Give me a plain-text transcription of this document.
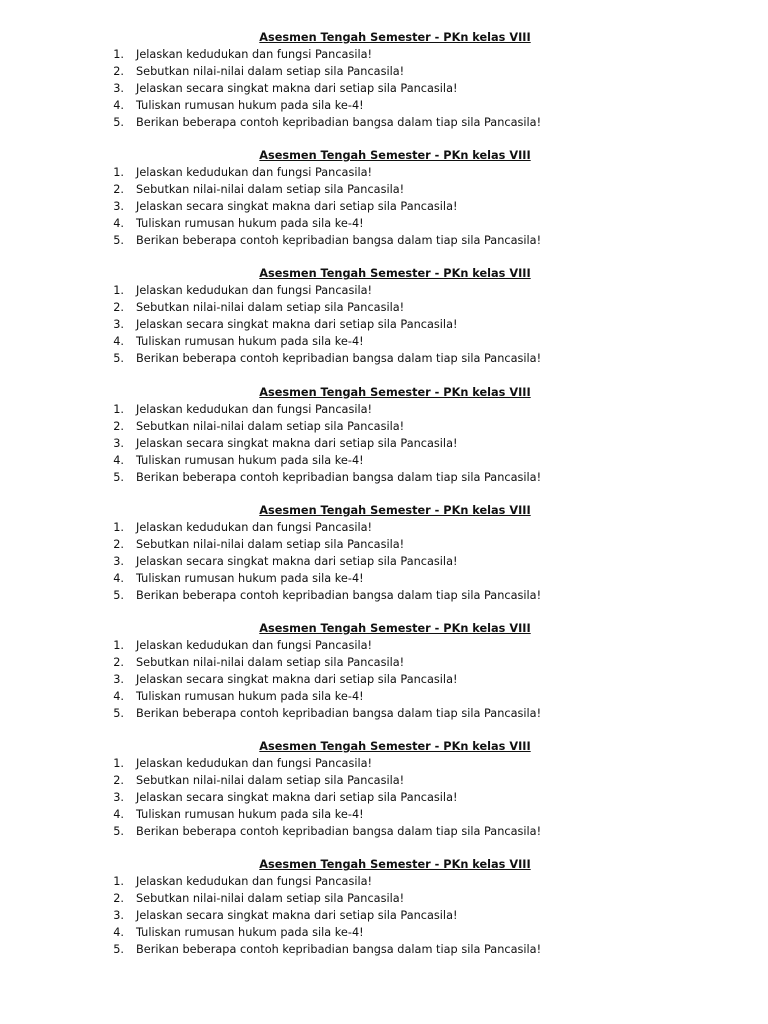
Asesmen Tengah Semester - PKn kelas VIII
1. Jelaskan kedudukan dan fungsi Pancasila!
2. Sebutkan nilai-nilai dalam setiap sila Pancasila!
3. Jelaskan secara singkat makna dari setiap sila Pancasila!
4. Tuliskan rumusan hukum pada sila ke-4!
5. Berikan beberapa contoh kepribadian bangsa dalam tiap sila Pancasila!
Asesmen Tengah Semester - PKn kelas VIII
1. Jelaskan kedudukan dan fungsi Pancasila!
2. Sebutkan nilai-nilai dalam setiap sila Pancasila!
3. Jelaskan secara singkat makna dari setiap sila Pancasila!
4. Tuliskan rumusan hukum pada sila ke-4!
5. Berikan beberapa contoh kepribadian bangsa dalam tiap sila Pancasila!
Asesmen Tengah Semester - PKn kelas VIII
1. Jelaskan kedudukan dan fungsi Pancasila!
2. Sebutkan nilai-nilai dalam setiap sila Pancasila!
3. Jelaskan secara singkat makna dari setiap sila Pancasila!
4. Tuliskan rumusan hukum pada sila ke-4!
5. Berikan beberapa contoh kepribadian bangsa dalam tiap sila Pancasila!
Asesmen Tengah Semester - PKn kelas VIII
1. Jelaskan kedudukan dan fungsi Pancasila!
2. Sebutkan nilai-nilai dalam setiap sila Pancasila!
3. Jelaskan secara singkat makna dari setiap sila Pancasila!
4. Tuliskan rumusan hukum pada sila ke-4!
5. Berikan beberapa contoh kepribadian bangsa dalam tiap sila Pancasila!
Asesmen Tengah Semester - PKn kelas VIII
1. Jelaskan kedudukan dan fungsi Pancasila!
2. Sebutkan nilai-nilai dalam setiap sila Pancasila!
3. Jelaskan secara singkat makna dari setiap sila Pancasila!
4. Tuliskan rumusan hukum pada sila ke-4!
5. Berikan beberapa contoh kepribadian bangsa dalam tiap sila Pancasila!
Asesmen Tengah Semester - PKn kelas VIII
1. Jelaskan kedudukan dan fungsi Pancasila!
2. Sebutkan nilai-nilai dalam setiap sila Pancasila!
3. Jelaskan secara singkat makna dari setiap sila Pancasila!
4. Tuliskan rumusan hukum pada sila ke-4!
5. Berikan beberapa contoh kepribadian bangsa dalam tiap sila Pancasila!
Asesmen Tengah Semester - PKn kelas VIII
1. Jelaskan kedudukan dan fungsi Pancasila!
2. Sebutkan nilai-nilai dalam setiap sila Pancasila!
3. Jelaskan secara singkat makna dari setiap sila Pancasila!
4. Tuliskan rumusan hukum pada sila ke-4!
5. Berikan beberapa contoh kepribadian bangsa dalam tiap sila Pancasila!
Asesmen Tengah Semester - PKn kelas VIII
1. Jelaskan kedudukan dan fungsi Pancasila!
2. Sebutkan nilai-nilai dalam setiap sila Pancasila!
3. Jelaskan secara singkat makna dari setiap sila Pancasila!
4. Tuliskan rumusan hukum pada sila ke-4!
5. Berikan beberapa contoh kepribadian bangsa dalam tiap sila Pancasila!
